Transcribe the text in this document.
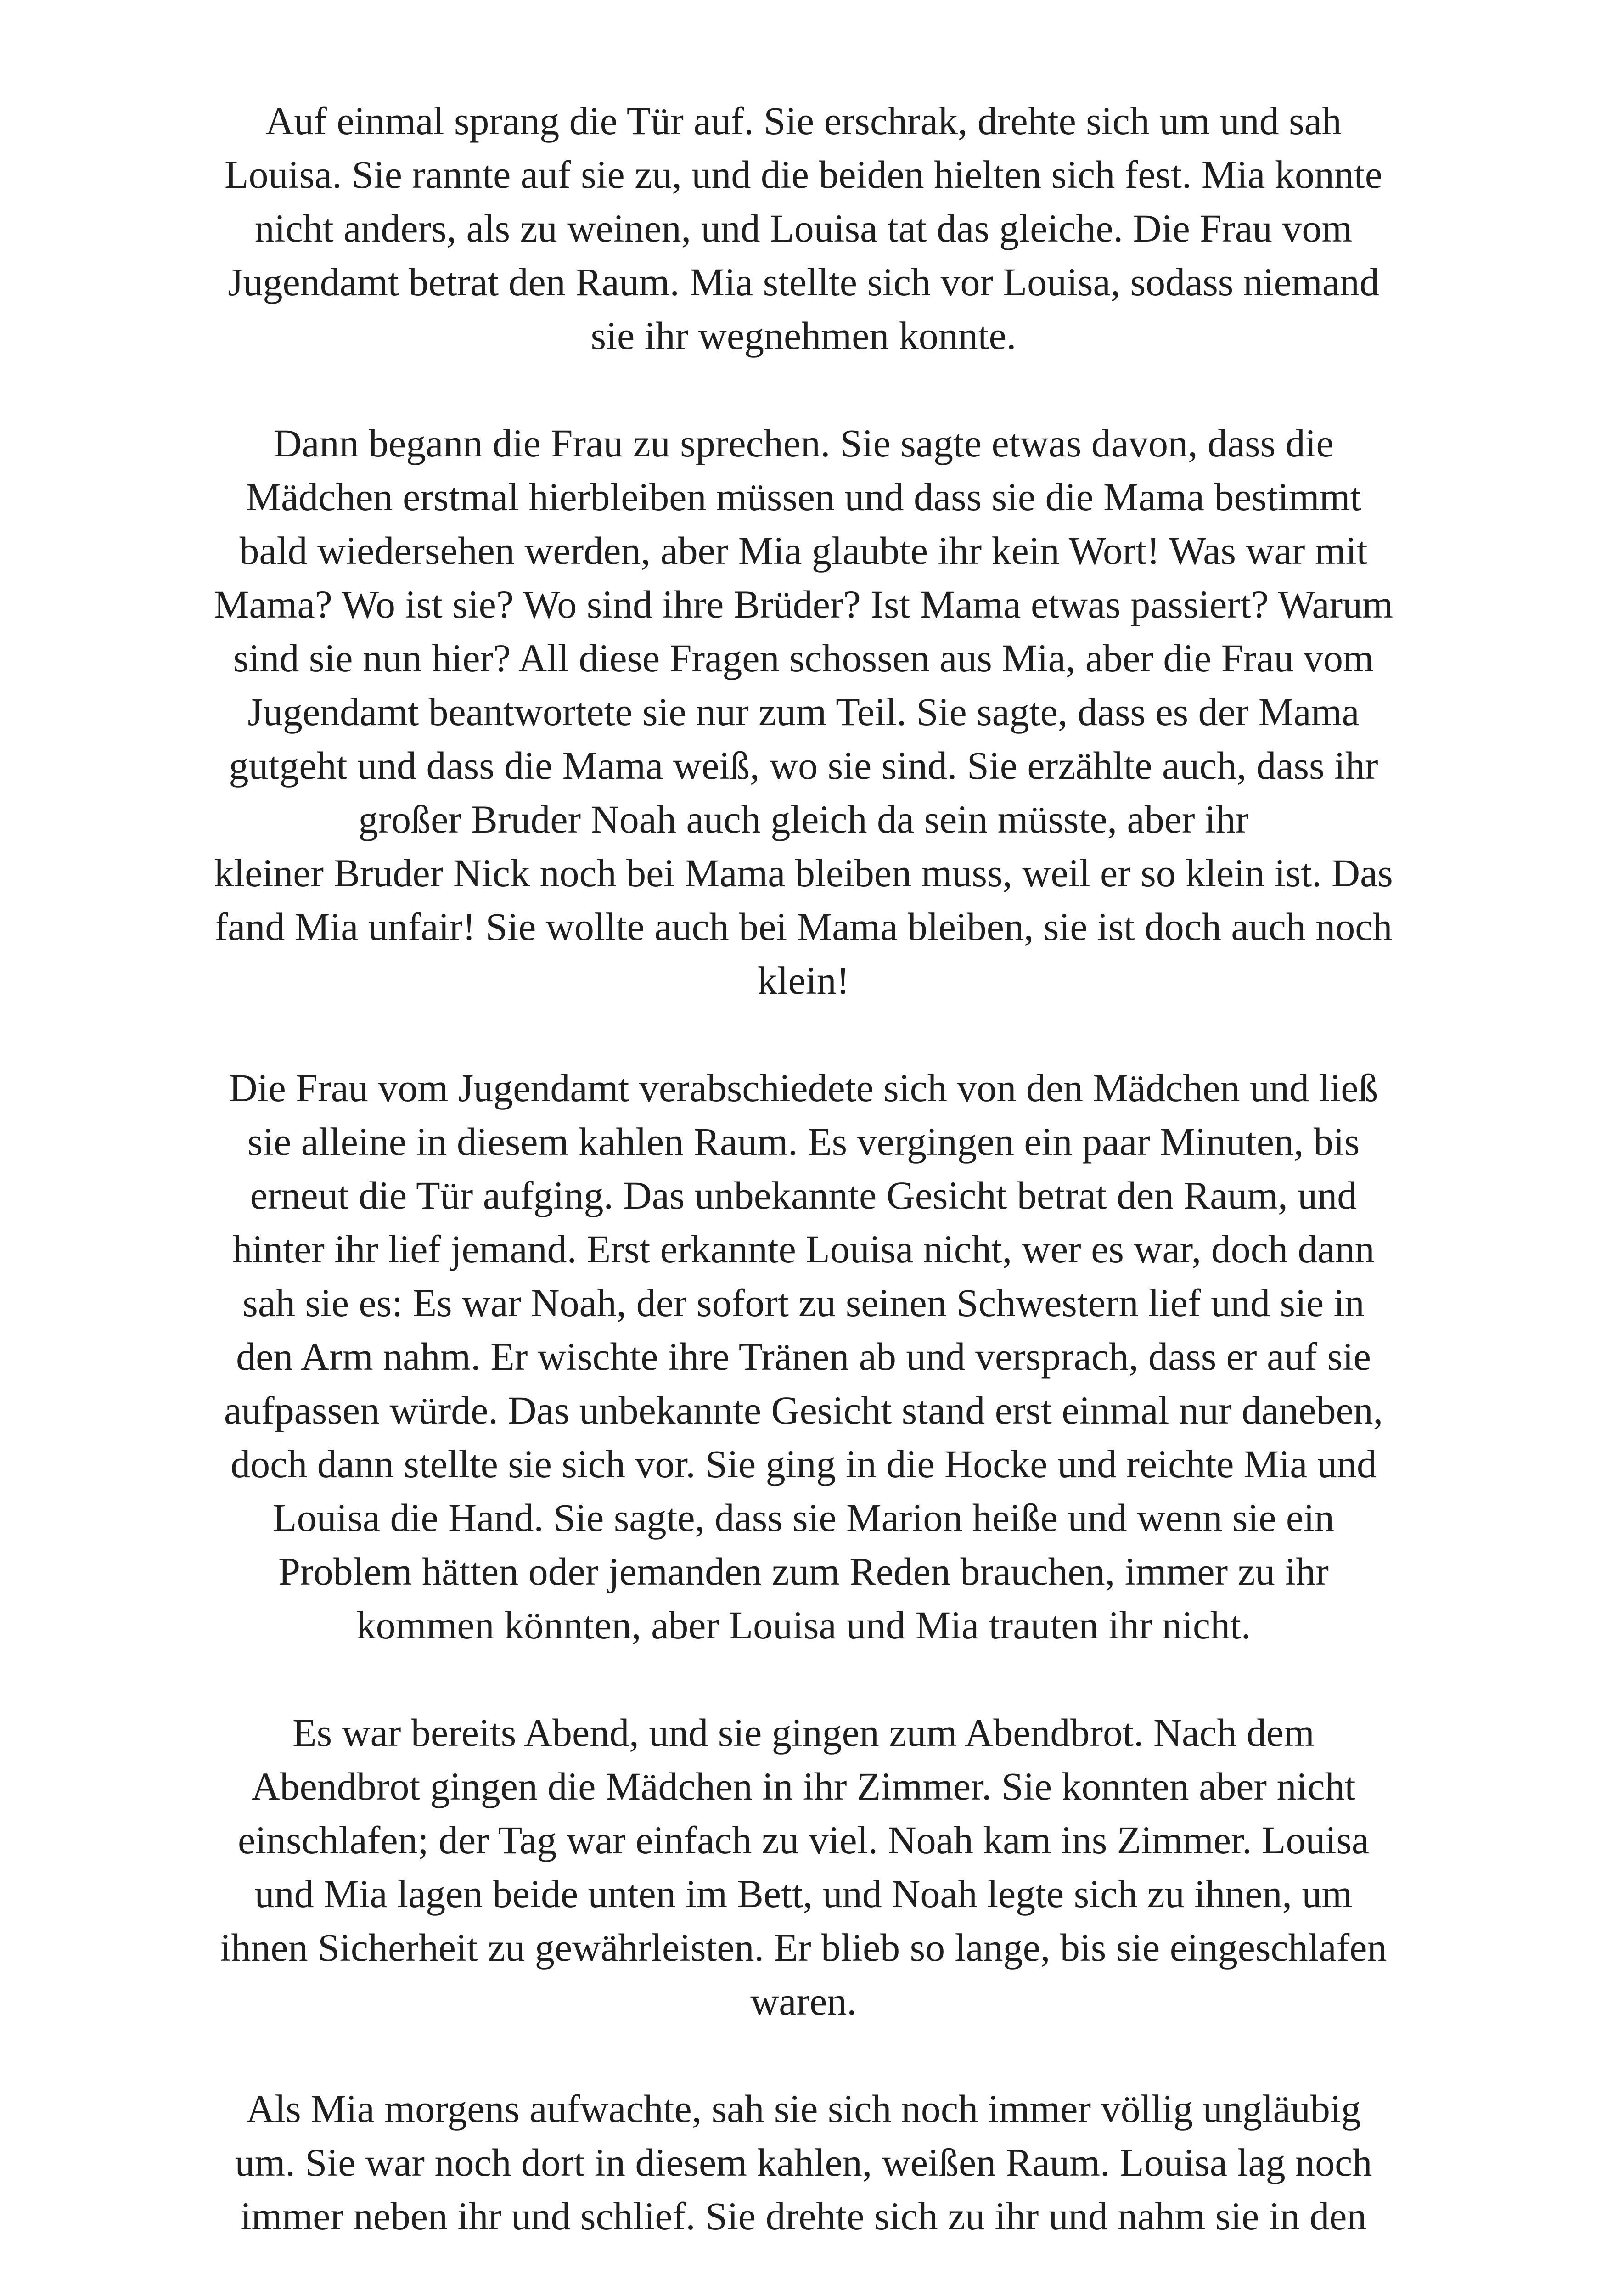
Auf einmal sprang die Tür auf. Sie erschrak, drehte sich um und sah
Louisa. Sie rannte auf sie zu, und die beiden hielten sich fest. Mia konnte
nicht anders, als zu weinen, und Louisa tat das gleiche. Die Frau vom
Jugendamt betrat den Raum. Mia stellte sich vor Louisa, sodass niemand
sie ihr wegnehmen konnte.

Dann begann die Frau zu sprechen. Sie sagte etwas davon, dass die
Mädchen erstmal hierbleiben müssen und dass sie die Mama bestimmt
bald wiedersehen werden, aber Mia glaubte ihr kein Wort! Was war mit
Mama? Wo ist sie? Wo sind ihre Brüder? Ist Mama etwas passiert? Warum
sind sie nun hier? All diese Fragen schossen aus Mia, aber die Frau vom
Jugendamt beantwortete sie nur zum Teil. Sie sagte, dass es der Mama
gutgeht und dass die Mama weiß, wo sie sind. Sie erzählte auch, dass ihr
großer Bruder Noah auch gleich da sein müsste, aber ihr
kleiner Bruder Nick noch bei Mama bleiben muss, weil er so klein ist. Das
fand Mia unfair! Sie wollte auch bei Mama bleiben, sie ist doch auch noch
klein!

Die Frau vom Jugendamt verabschiedete sich von den Mädchen und ließ
sie alleine in diesem kahlen Raum. Es vergingen ein paar Minuten, bis
erneut die Tür aufging. Das unbekannte Gesicht betrat den Raum, und
hinter ihr lief jemand. Erst erkannte Louisa nicht, wer es war, doch dann
sah sie es: Es war Noah, der sofort zu seinen Schwestern lief und sie in
den Arm nahm. Er wischte ihre Tränen ab und versprach, dass er auf sie
aufpassen würde. Das unbekannte Gesicht stand erst einmal nur daneben,
doch dann stellte sie sich vor. Sie ging in die Hocke und reichte Mia und
Louisa die Hand. Sie sagte, dass sie Marion heiße und wenn sie ein
Problem hätten oder jemanden zum Reden brauchen, immer zu ihr
kommen könnten, aber Louisa und Mia trauten ihr nicht.

Es war bereits Abend, und sie gingen zum Abendbrot. Nach dem
Abendbrot gingen die Mädchen in ihr Zimmer. Sie konnten aber nicht
einschlafen; der Tag war einfach zu viel. Noah kam ins Zimmer. Louisa
und Mia lagen beide unten im Bett, und Noah legte sich zu ihnen, um
ihnen Sicherheit zu gewährleisten. Er blieb so lange, bis sie eingeschlafen
waren.

Als Mia morgens aufwachte, sah sie sich noch immer völlig ungläubig
um. Sie war noch dort in diesem kahlen, weißen Raum. Louisa lag noch
immer neben ihr und schlief. Sie drehte sich zu ihr und nahm sie in den
